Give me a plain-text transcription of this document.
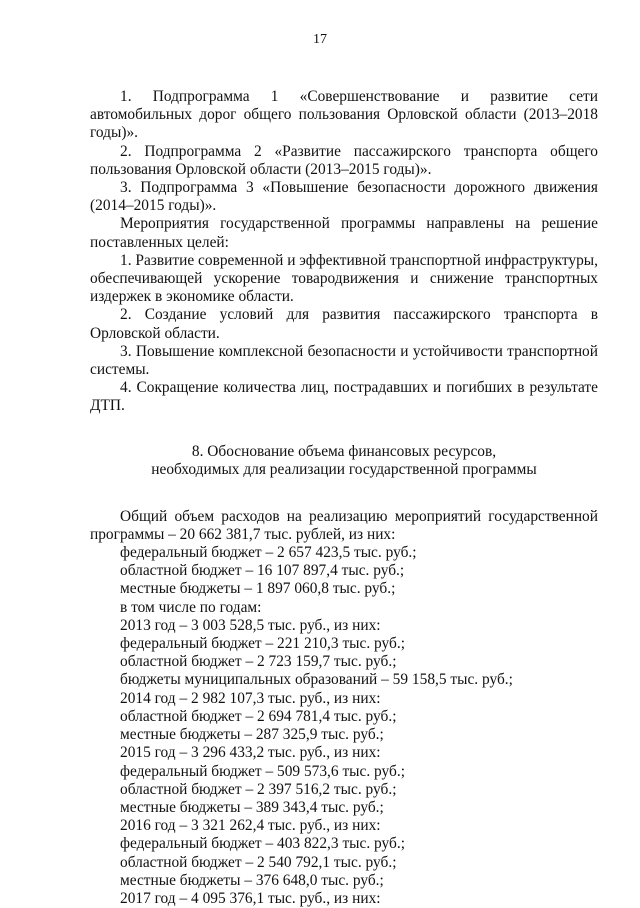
17

1. Подпрограмма 1 «Совершенствование и развитие сети автомобильных дорог общего пользования Орловской области (2013–2018 годы)».

2. Подпрограмма 2 «Развитие пассажирского транспорта общего пользования Орловской области (2013–2015 годы)».

3. Подпрограмма 3 «Повышение безопасности дорожного движения (2014–2015 годы)».

Мероприятия государственной программы направлены на решение поставленных целей:

1. Развитие современной и эффективной транспортной инфраструктуры, обеспечивающей ускорение товародвижения и снижение транспортных издержек в экономике области.

2. Создание условий для развития пассажирского транспорта в Орловской области.

3. Повышение комплексной безопасности и устойчивости транспортной системы.

4. Сокращение количества лиц, пострадавших и погибших в результате ДТП.

8. Обоснование объема финансовых ресурсов,
необходимых для реализации государственной программы

Общий объем расходов на реализацию мероприятий государственной программы – 20 662 381,7 тыс. рублей, из них:

федеральный бюджет – 2 657 423,5 тыс. руб.;

областной бюджет – 16 107 897,4 тыс. руб.;

местные бюджеты – 1 897 060,8 тыс. руб.;

в том числе по годам:

2013 год – 3 003 528,5 тыс. руб., из них:

федеральный бюджет – 221 210,3 тыс. руб.;

областной бюджет – 2 723 159,7 тыс. руб.;

бюджеты муниципальных образований – 59 158,5 тыс. руб.;

2014 год – 2 982 107,3 тыс. руб., из них:

областной бюджет – 2 694 781,4 тыс. руб.;

местные бюджеты – 287 325,9 тыс. руб.;

2015 год – 3 296 433,2 тыс. руб., из них:

федеральный бюджет – 509 573,6 тыс. руб.;

областной бюджет – 2 397 516,2 тыс. руб.;

местные бюджеты – 389 343,4 тыс. руб.;

2016 год – 3 321 262,4 тыс. руб., из них:

федеральный бюджет – 403 822,3 тыс. руб.;

областной бюджет – 2 540 792,1 тыс. руб.;

местные бюджеты – 376 648,0 тыс. руб.;

2017 год – 4 095 376,1 тыс. руб., из них:
